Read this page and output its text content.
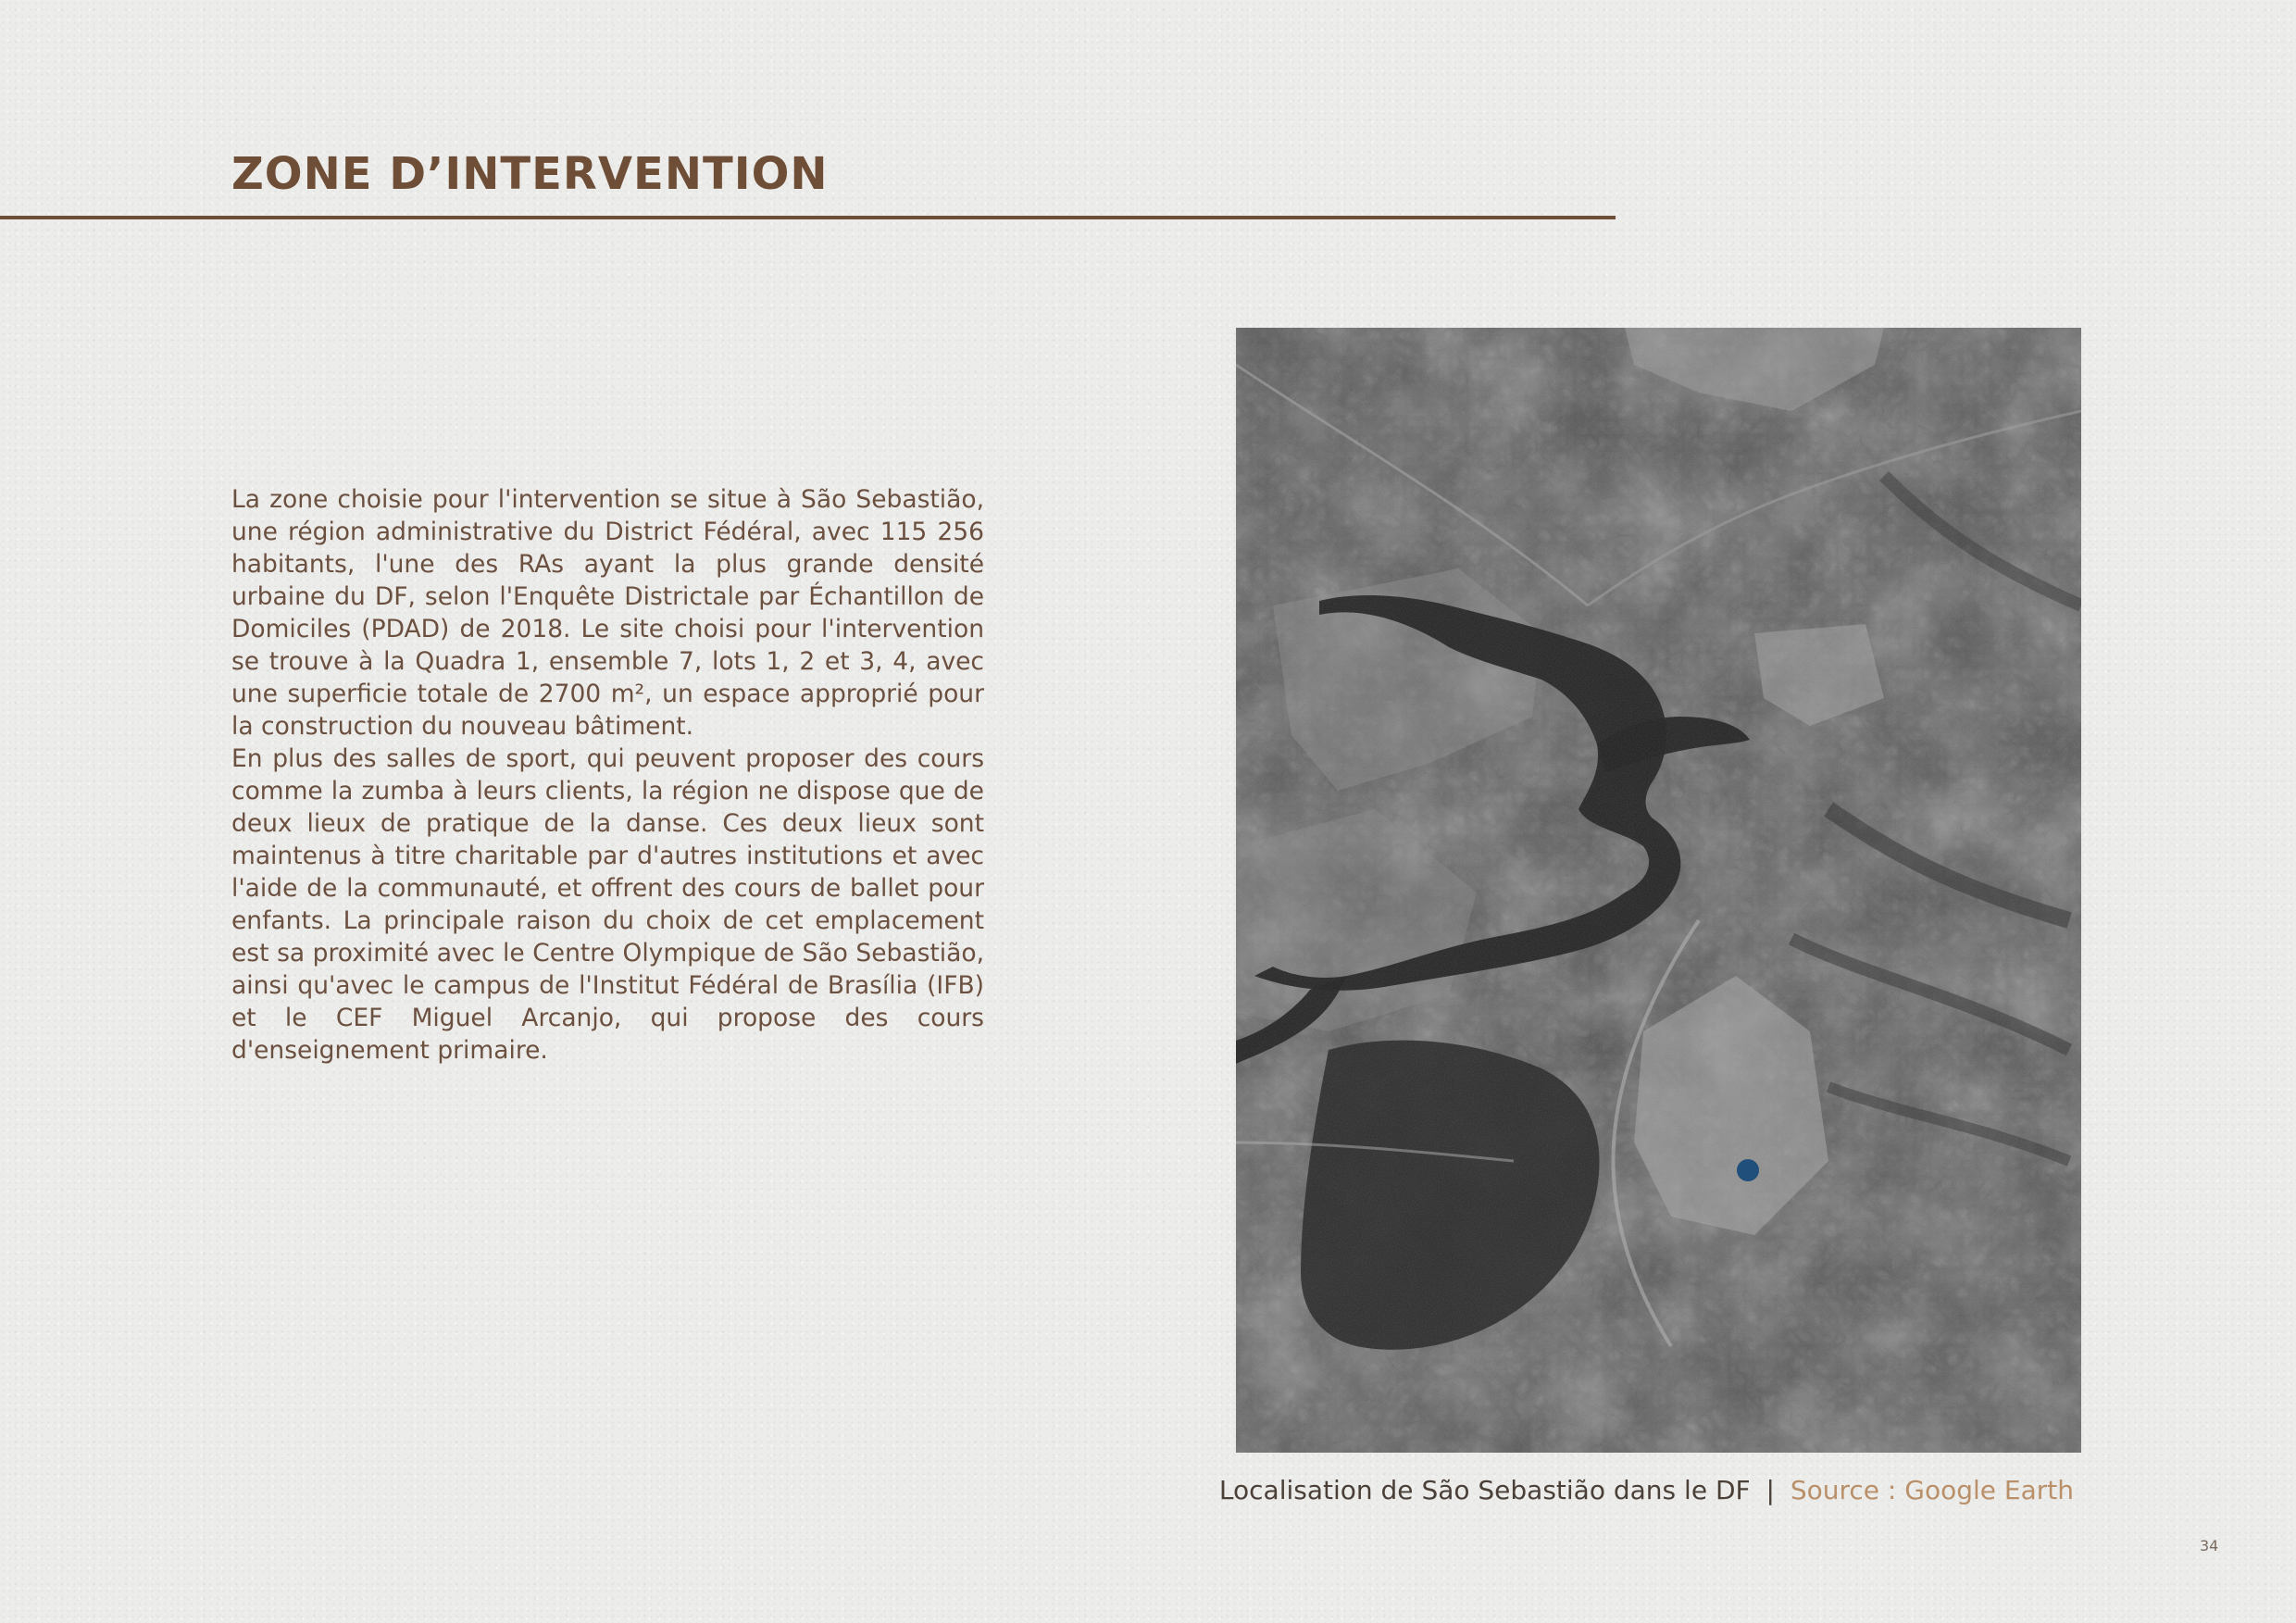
ZONE D’INTERVENTION

La zone choisie pour l'intervention se situe à São Sebastião, une région administrative du District Fédéral, avec 115 256 habitants, l'une des RAs ayant la plus grande densité urbaine du DF, selon l'Enquête Districtale par Échantillon de Domiciles (PDAD) de 2018. Le site choisi pour l'intervention se trouve à la Quadra 1, ensemble 7, lots 1, 2 et 3, 4, avec une superficie totale de 2700 m², un espace approprié pour la construction du nouveau bâtiment.

En plus des salles de sport, qui peuvent proposer des cours comme la zumba à leurs clients, la région ne dispose que de deux lieux de pratique de la danse. Ces deux lieux sont maintenus à titre charitable par d'autres institutions et avec l'aide de la communauté, et offrent des cours de ballet pour enfants. La principale raison du choix de cet emplacement est sa proximité avec le Centre Olympique de São Sebastião, ainsi qu'avec le campus de l'Institut Fédéral de Brasília (IFB) et le CEF Miguel Arcanjo, qui propose des cours d'enseignement primaire.

Localisation de São Sebastião dans le DF | Source : Google Earth
34
